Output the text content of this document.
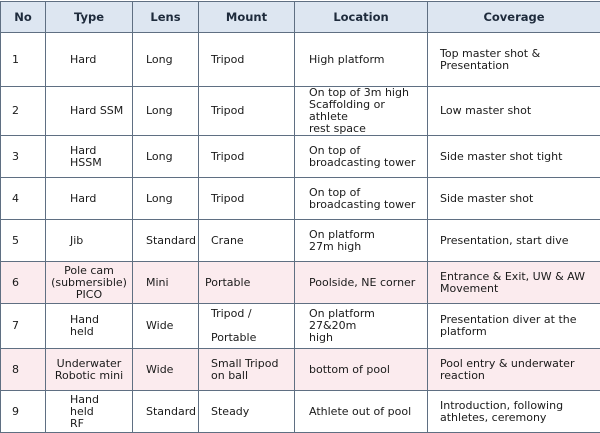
No	Type	Lens	Mount	Location	Coverage
1	Hard	Long	Tripod	High platform	Top master shot &
Presentation
2	Hard SSM	Long	Tripod	On top of 3m high
Scaffolding or athlete
rest space	Low master shot
3	Hard HSSM	Long	Tripod	On top of
broadcasting tower	Side master shot tight
4	Hard	Long	Tripod	On top of
broadcasting tower	Side master shot
5	Jib	Standard	Crane	On platform
27m high	Presentation, start dive
6	Pole cam
(submersible)
PICO	Mini	Portable	Poolside, NE corner	Entrance & Exit, UW & AW
Movement
7	Hand held	Wide	Tripod /

Portable	On platform 27&20m
high	Presentation diver at the
platform
8	Underwater
Robotic mini	Wide	Small Tripod
on ball	bottom of pool	Pool entry & underwater
reaction
9	Hand held
RF	Standard	Steady	Athlete out of pool	Introduction, following
athletes, ceremony
